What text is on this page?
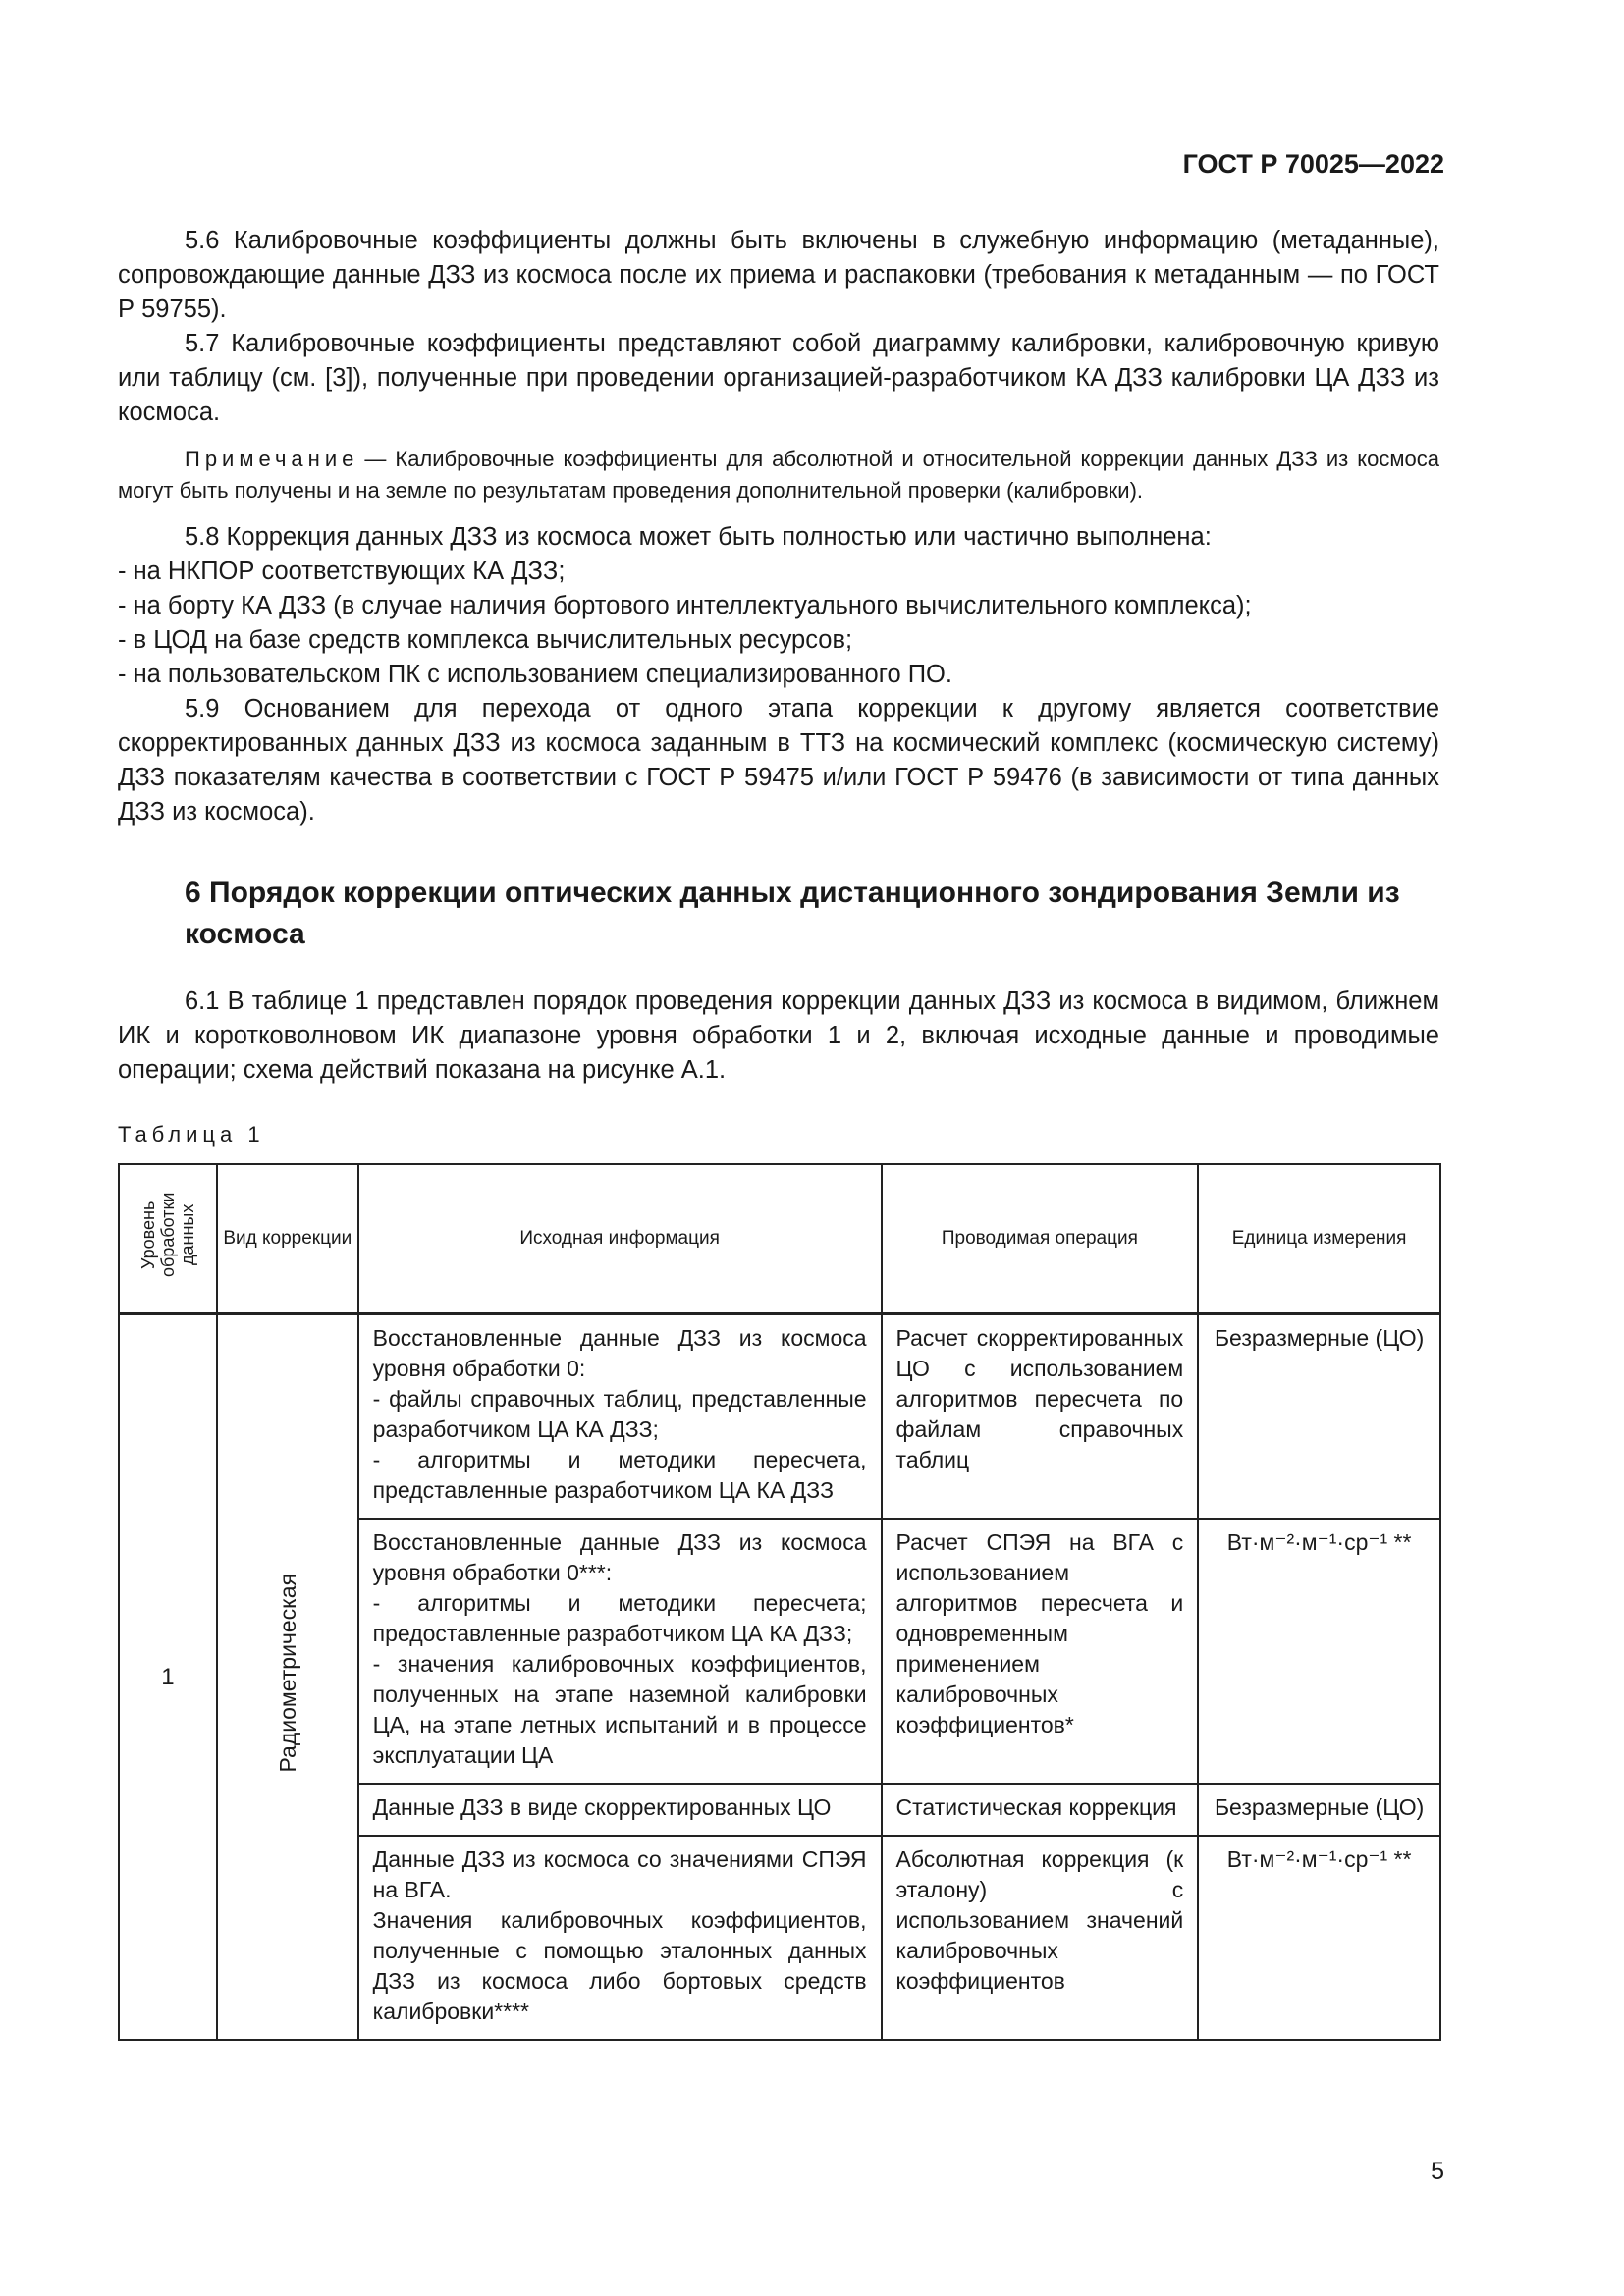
ГОСТ Р 70025—2022

5.6 Калибровочные коэффициенты должны быть включены в служебную информацию (метаданные), сопровождающие данные ДЗЗ из космоса после их приема и распаковки (требования к метаданным — по ГОСТ Р 59755).

5.7 Калибровочные коэффициенты представляют собой диаграмму калибровки, калибровочную кривую или таблицу (см. [3]), полученные при проведении организацией-разработчиком КА ДЗЗ калибровки ЦА ДЗЗ из космоса.

Примечание — Калибровочные коэффициенты для абсолютной и относительной коррекции данных ДЗЗ из космоса могут быть получены и на земле по результатам проведения дополнительной проверки (калибровки).

5.8 Коррекция данных ДЗЗ из космоса может быть полностью или частично выполнена:

- на НКПОР соответствующих КА ДЗЗ;
- на борту КА ДЗЗ (в случае наличия бортового интеллектуального вычислительного комплекса);
- в ЦОД на базе средств комплекса вычислительных ресурсов;
- на пользовательском ПК с использованием специализированного ПО.

5.9 Основанием для перехода от одного этапа коррекции к другому является соответствие скорректированных данных ДЗЗ из космоса заданным в ТТЗ на космический комплекс (космическую систему) ДЗЗ показателям качества в соответствии с ГОСТ Р 59475 и/или ГОСТ Р 59476 (в зависимости от типа данных ДЗЗ из космоса).

6 Порядок коррекции оптических данных дистанционного зондирования Земли из космоса

6.1 В таблице 1 представлен порядок проведения коррекции данных ДЗЗ из космоса в видимом, ближнем ИК и коротковолновом ИК диапазоне уровня обработки 1 и 2, включая исходные данные и проводимые операции; схема действий показана на рисунке А.1.

Таблица 1
Уровень обработки данных	Вид коррекции	Исходная информация	Проводимая операция	Единица измерения
1	Радиометрическая	Восстановленные данные ДЗЗ из космоса уровня обработки 0:
- файлы справочных таблиц, представленные разработчиком ЦА КА ДЗЗ;
- алгоритмы и методики пересчета, представленные разработчиком ЦА КА ДЗЗ	Расчет скорректированных ЦО с использованием алгоритмов пересчета по файлам справочных таблиц	Безразмерные (ЦО)

		Восстановленные данные ДЗЗ из космоса уровня обработки 0***:
- алгоритмы и методики пересчета; предоставленные разработчиком ЦА КА ДЗЗ;
- значения калибровочных коэффициентов, полученных на этапе наземной калибровки ЦА, на этапе летных испытаний и в процессе эксплуатации ЦА	Расчет СПЭЯ на ВГА с использованием алгоритмов пересчета и одновременным применением калибровочных коэффициентов*	Вт·м⁻²·м⁻¹·ср⁻¹ **

		Данные ДЗЗ в виде скорректированных ЦО	Статистическая коррекция	Безразмерные (ЦО)

		Данные ДЗЗ из космоса со значениями СПЭЯ на ВГА.
Значения калибровочных коэффициентов, полученные с помощью эталонных данных ДЗЗ из космоса либо бортовых средств калибровки****	Абсолютная коррекция (к эталону) с использованием значений калибровочных коэффициентов	Вт·м⁻²·м⁻¹·ср⁻¹ **
5
